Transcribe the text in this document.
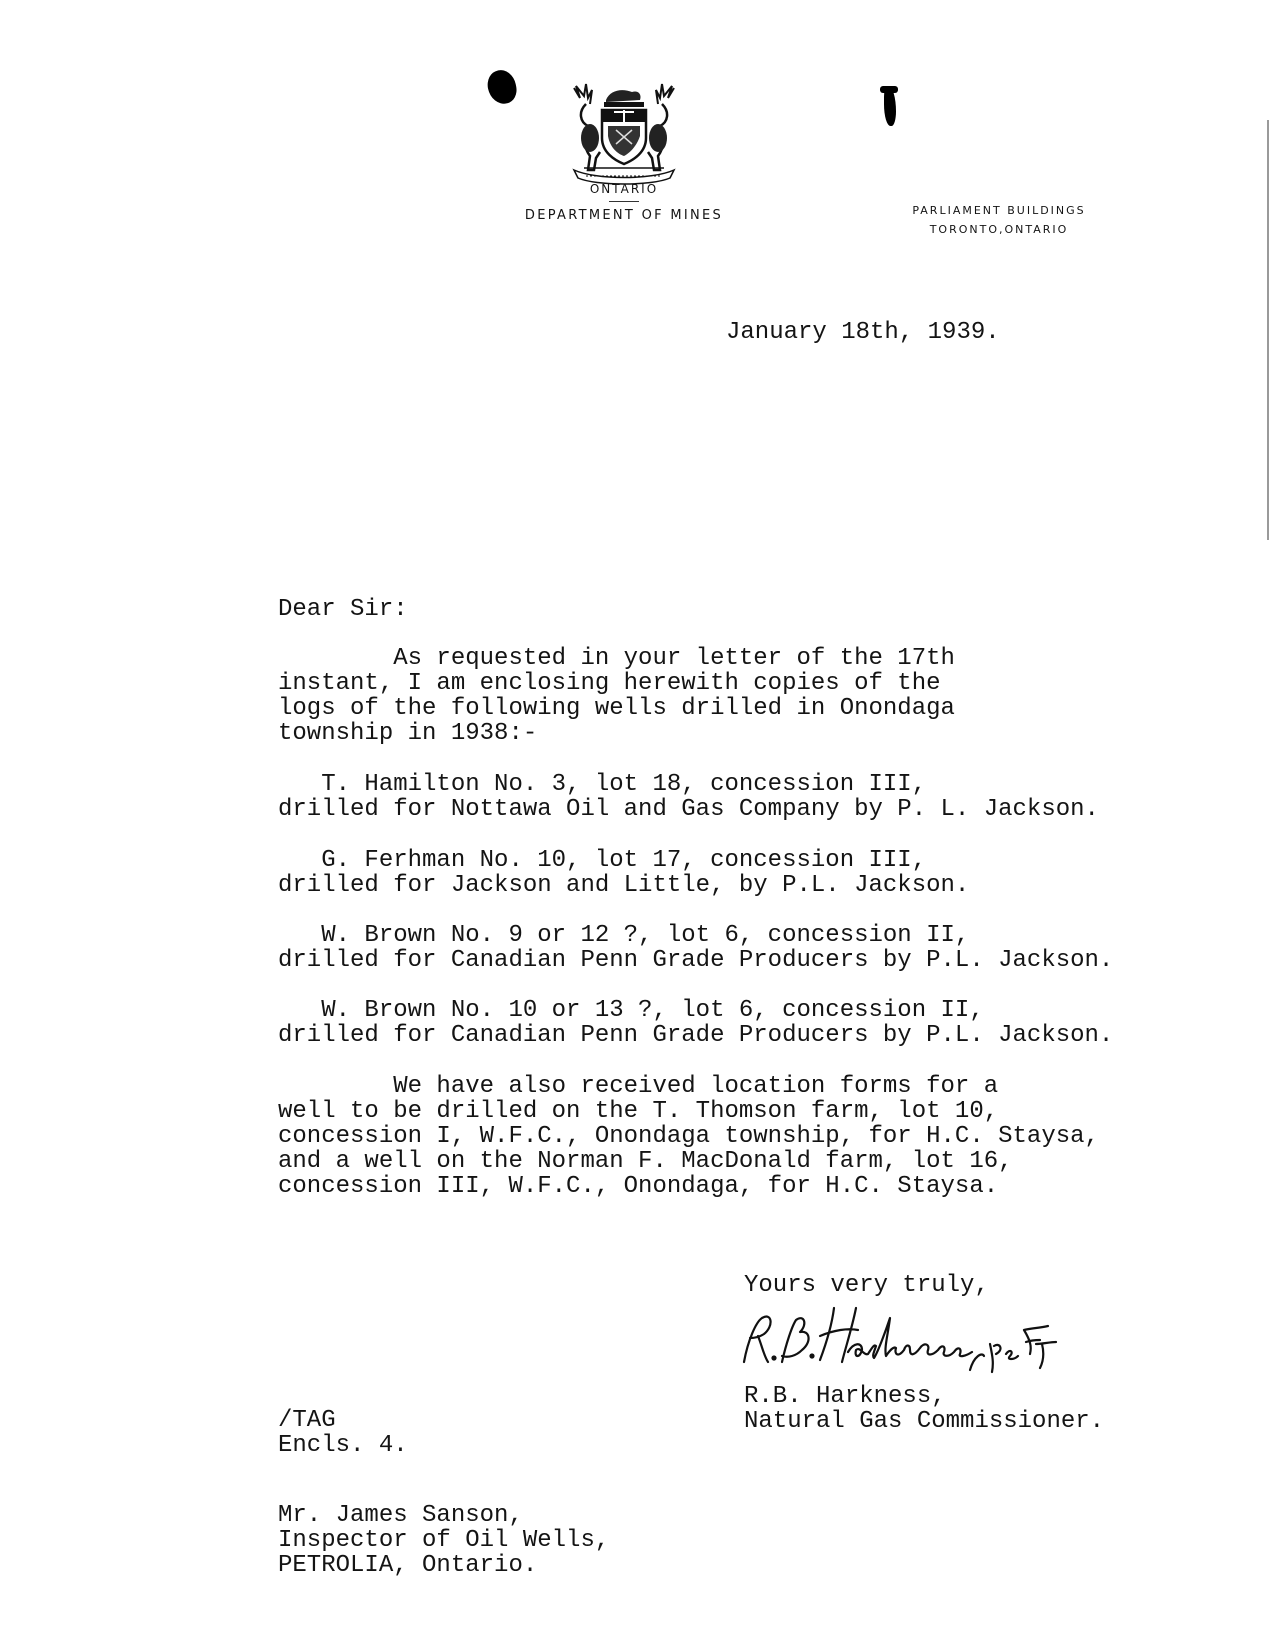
ONTARIO
DEPARTMENT OF MINES	PARLIAMENT BUILDINGS
TORONTO,ONTARIO
January 18th, 1939.
Dear Sir:
As requested in your letter of the 17th
instant, I am enclosing herewith copies of the
logs of the following wells drilled in Onondaga
township in 1938:-
T. Hamilton No. 3, lot 18, concession III,
drilled for Nottawa Oil and Gas Company by P. L. Jackson.
G. Ferhman No. 10, lot 17, concession III,
drilled for Jackson and Little, by P.L. Jackson.
W. Brown No. 9 or 12 ?, lot 6, concession II,
drilled for Canadian Penn Grade Producers by P.L. Jackson.
W. Brown No. 10 or 13 ?, lot 6, concession II,
drilled for Canadian Penn Grade Producers by P.L. Jackson.
We have also received location forms for a
well to be drilled on the T. Thomson farm, lot 10,
concession I, W.F.C., Onondaga township, for H.C. Staysa,
and a well on the Norman F. MacDonald farm, lot 16,
concession III, W.F.C., Onondaga, for H.C. Staysa.
Yours very truly,
R.B. Harkness,
Natural Gas Commissioner.
/TAG
Encls. 4.
Mr. James Sanson,
Inspector of Oil Wells,
PETROLIA, Ontario.
